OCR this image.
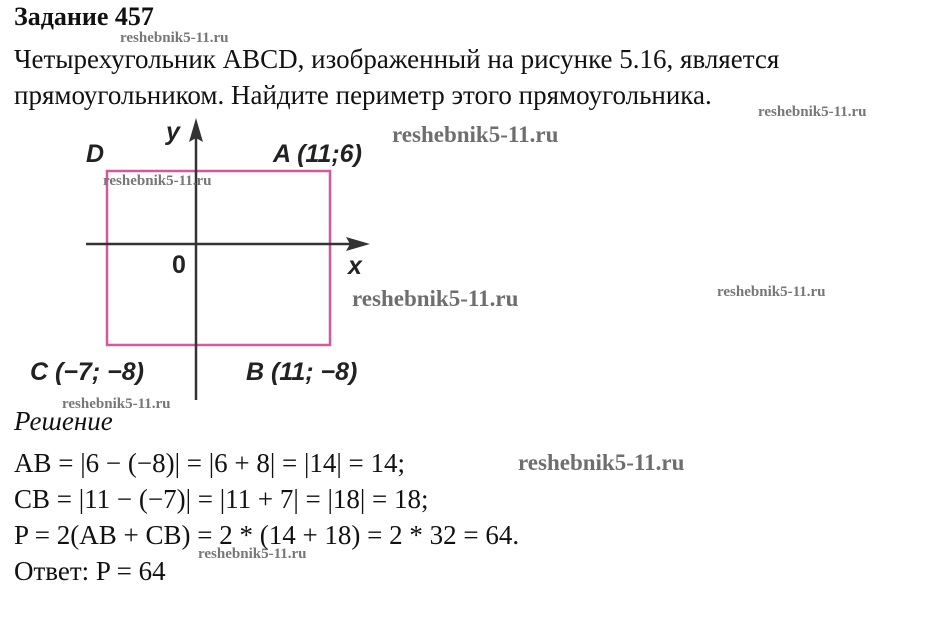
Задание 457
Четырехугольник ABCD, изображенный на рисунке 5.16, является
прямоугольником. Найдите периметр этого прямоугольника.
y
x
0
D	A (11;6)
C (−7; −8)	B (11; −8)
reshebnik5-11.ru
reshebnik5-11.ru
reshebnik5-11.ru
reshebnik5-11.ru
reshebnik5-11.ru	reshebnik5-11.ru
reshebnik5-11.ru
reshebnik5-11.ru
reshebnik5-11.ru
Решение
AB = |6 − (−8)| = |6 + 8| = |14| = 14;
CB = |11 − (−7)| = |11 + 7| = |18| = 18;
P = 2(AB + CB) = 2 * (14 + 18) = 2 * 32 = 64.
Ответ: P = 64
